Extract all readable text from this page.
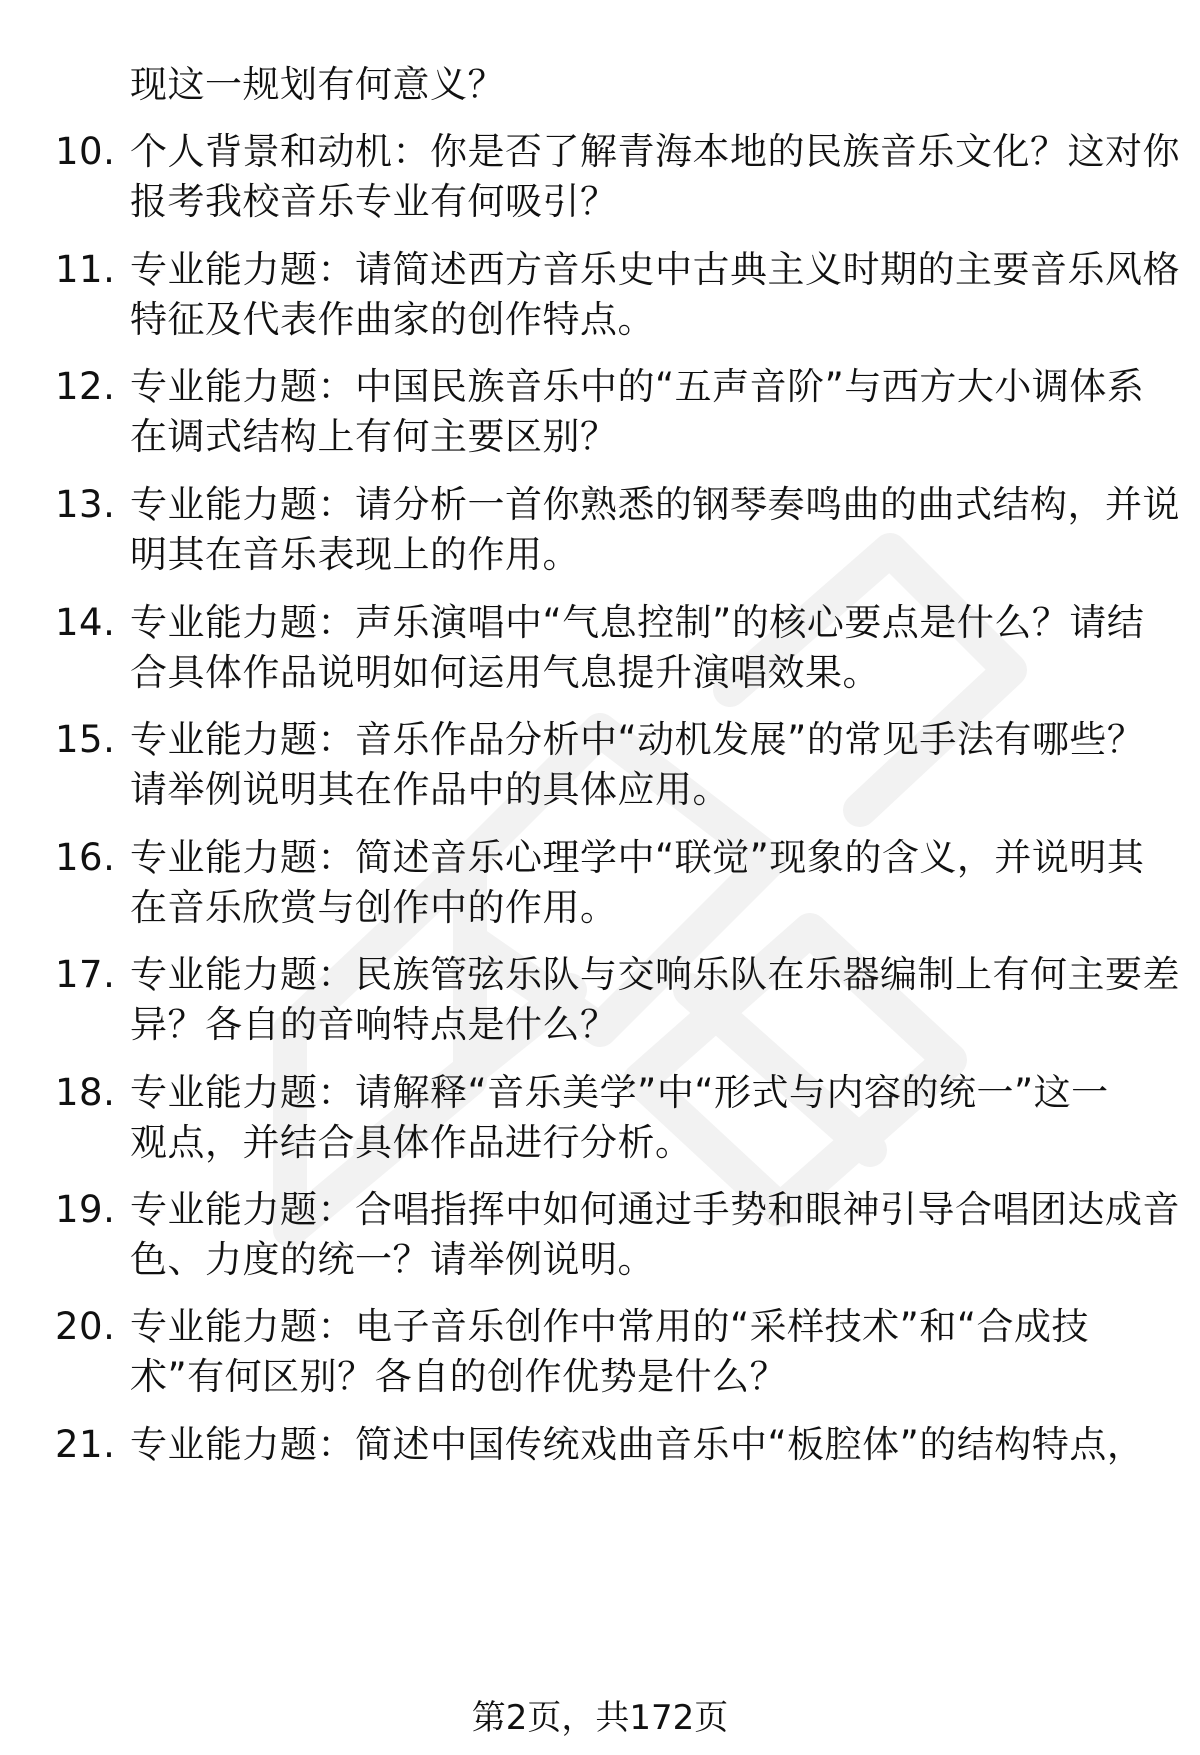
现这一规划有何意义？
10. 个人背景和动机：你是否了解青海本地的民族音乐文化？这对你
报考我校音乐专业有何吸引？
11. 专业能力题：请简述西方音乐史中古典主义时期的主要音乐风格
特征及代表作曲家的创作特点。
12. 专业能力题：中国民族音乐中的“五声音阶”与西方大小调体系
在调式结构上有何主要区别？
13. 专业能力题：请分析一首你熟悉的钢琴奏鸣曲的曲式结构，并说
明其在音乐表现上的作用。
14. 专业能力题：声乐演唱中“气息控制”的核心要点是什么？请结
合具体作品说明如何运用气息提升演唱效果。
15. 专业能力题：音乐作品分析中“动机发展”的常见手法有哪些？
请举例说明其在作品中的具体应用。
16. 专业能力题：简述音乐心理学中“联觉”现象的含义，并说明其
在音乐欣赏与创作中的作用。
17. 专业能力题：民族管弦乐队与交响乐队在乐器编制上有何主要差
异？各自的音响特点是什么？
18. 专业能力题：请解释“音乐美学”中“形式与内容的统一”这一
观点，并结合具体作品进行分析。
19. 专业能力题：合唱指挥中如何通过手势和眼神引导合唱团达成音
色、力度的统一？请举例说明。
20. 专业能力题：电子音乐创作中常用的“采样技术”和“合成技
术”有何区别？各自的创作优势是什么？
21. 专业能力题：简述中国传统戏曲音乐中“板腔体”的结构特点，
第2页，共172页
